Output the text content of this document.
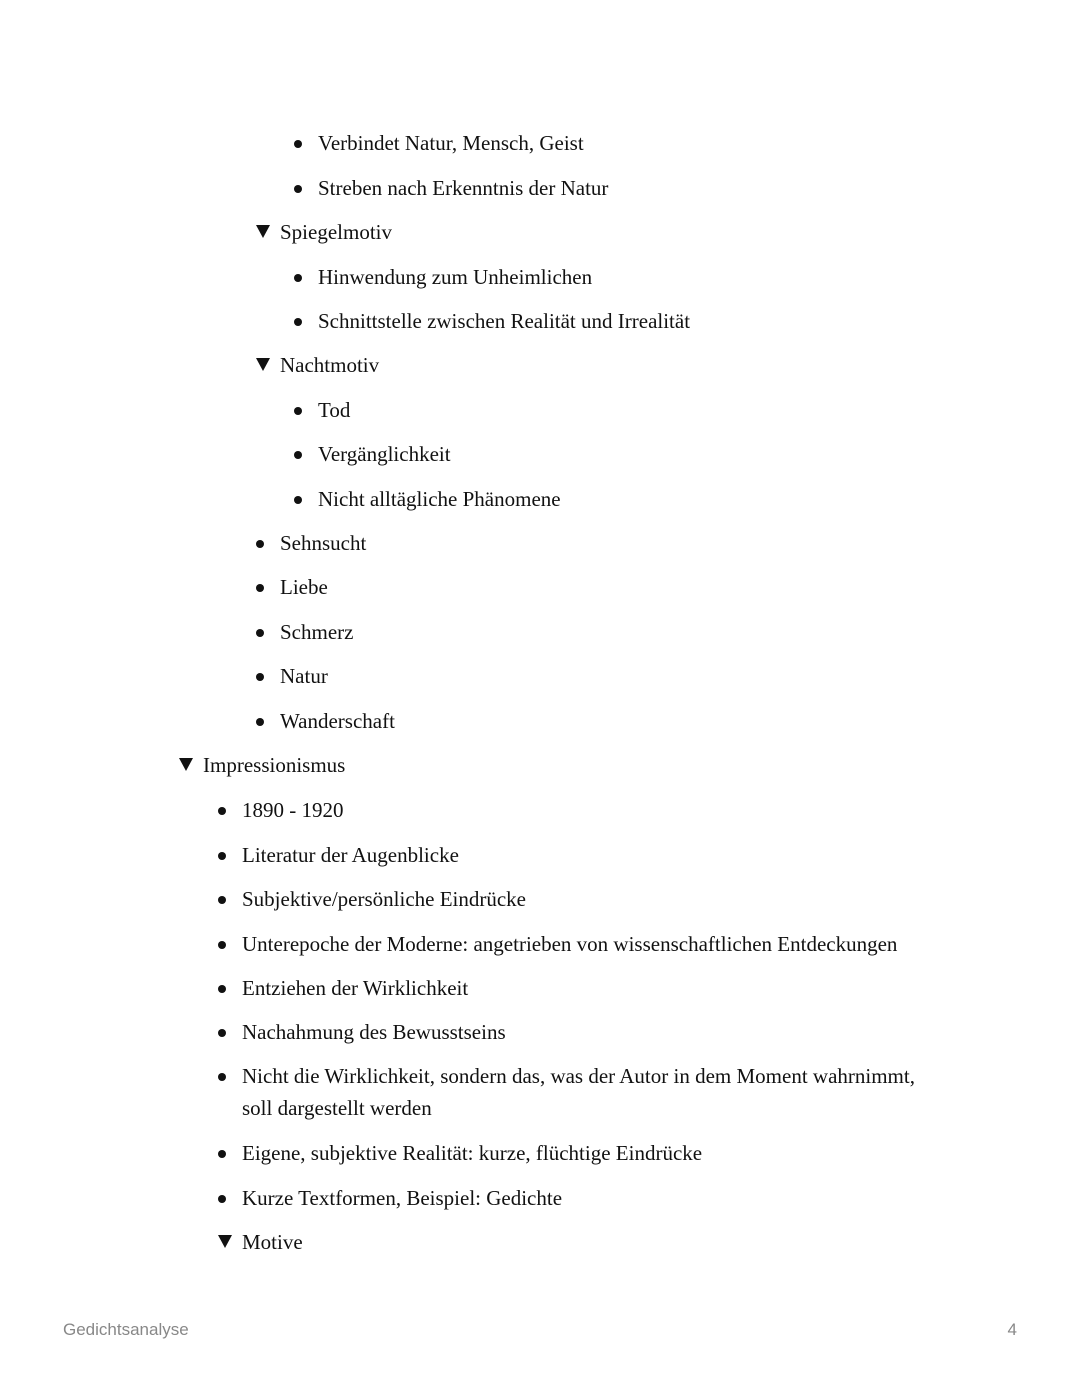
Verbindet Natur, Mensch, Geist
Streben nach Erkenntnis der Natur
Spiegelmotiv
Hinwendung zum Unheimlichen
Schnittstelle zwischen Realität und Irrealität
Nachtmotiv
Tod
Vergänglichkeit
Nicht alltägliche Phänomene
Sehnsucht
Liebe
Schmerz
Natur
Wanderschaft
Impressionismus
1890 - 1920
Literatur der Augenblicke
Subjektive/persönliche Eindrücke
Unterepoche der Moderne: angetrieben von wissenschaftlichen Entdeckungen
Entziehen der Wirklichkeit
Nachahmung des Bewusstseins
Nicht die Wirklichkeit, sondern das, was der Autor in dem Moment wahrnimmt, soll dargestellt werden
Eigene, subjektive Realität: kurze, flüchtige Eindrücke
Kurze Textformen, Beispiel: Gedichte
Motive
Gedichtsanalyse	4
